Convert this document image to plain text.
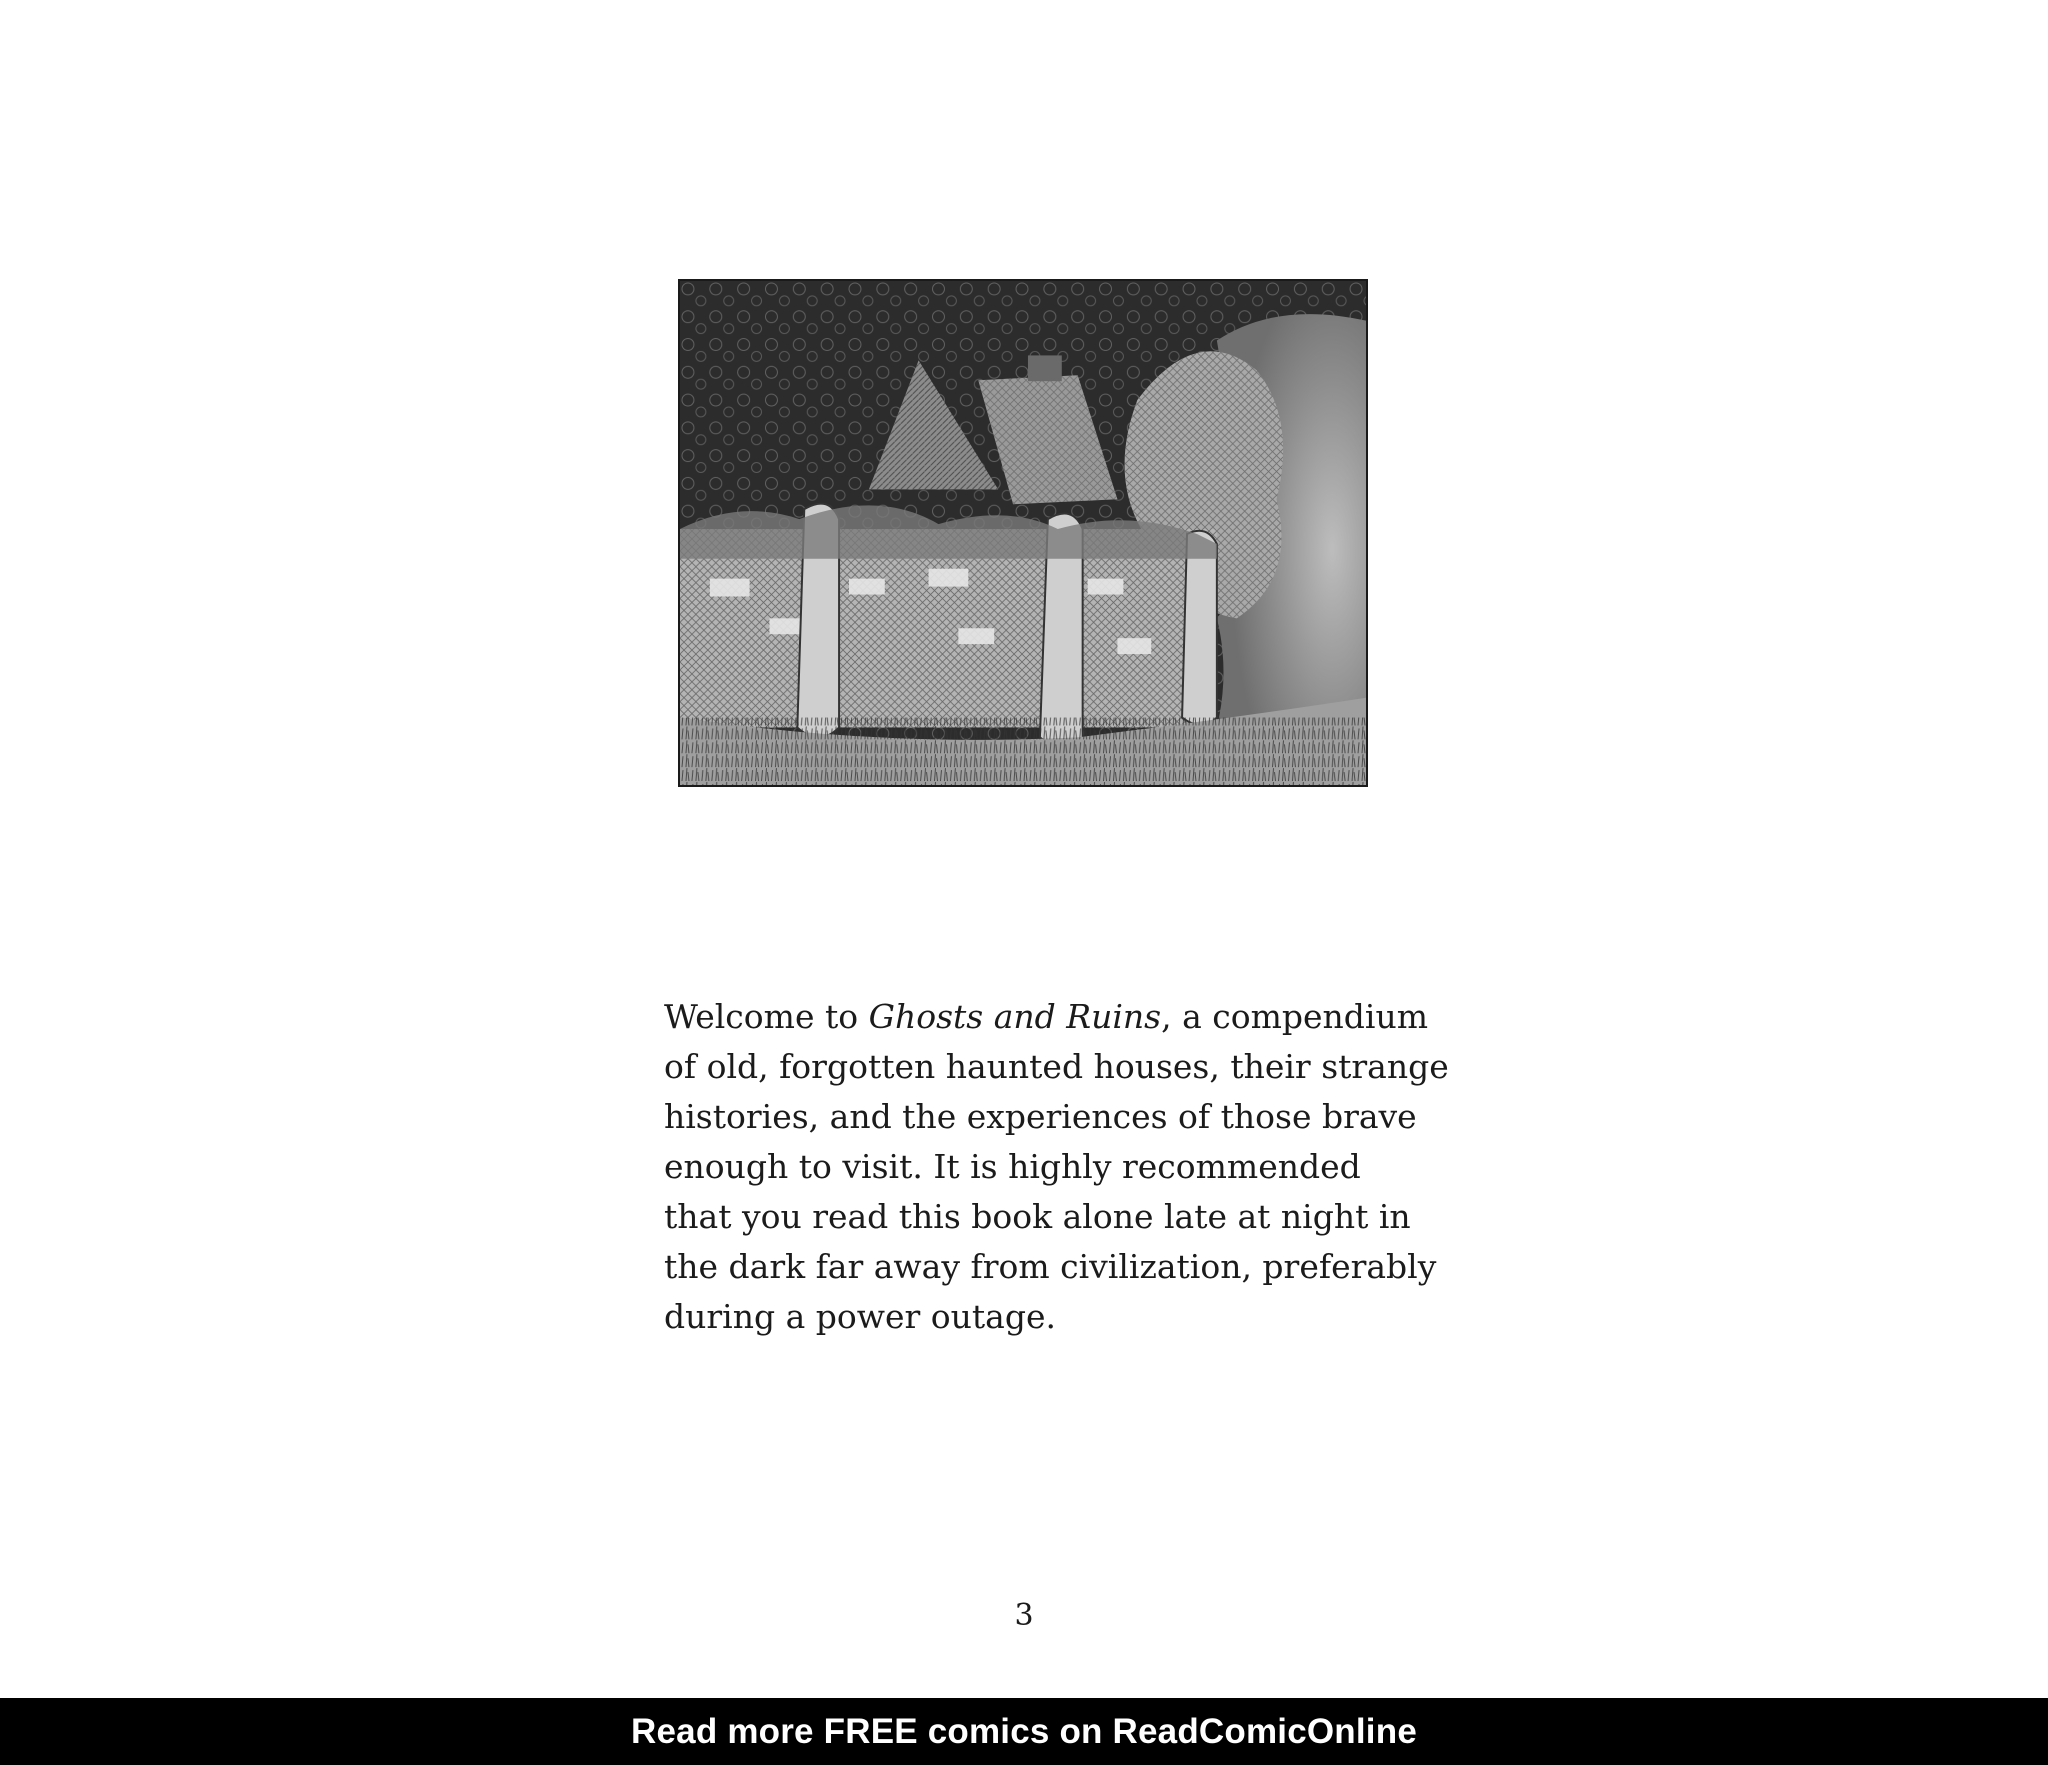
Welcome to Ghosts and Ruins, a compendium
of old, forgotten haunted houses, their strange
histories, and the experiences of those brave
enough to visit. It is highly recommended
that you read this book alone late at night in
the dark far away from civilization, preferably
during a power outage.

3
Read more FREE comics on ReadComicOnline
